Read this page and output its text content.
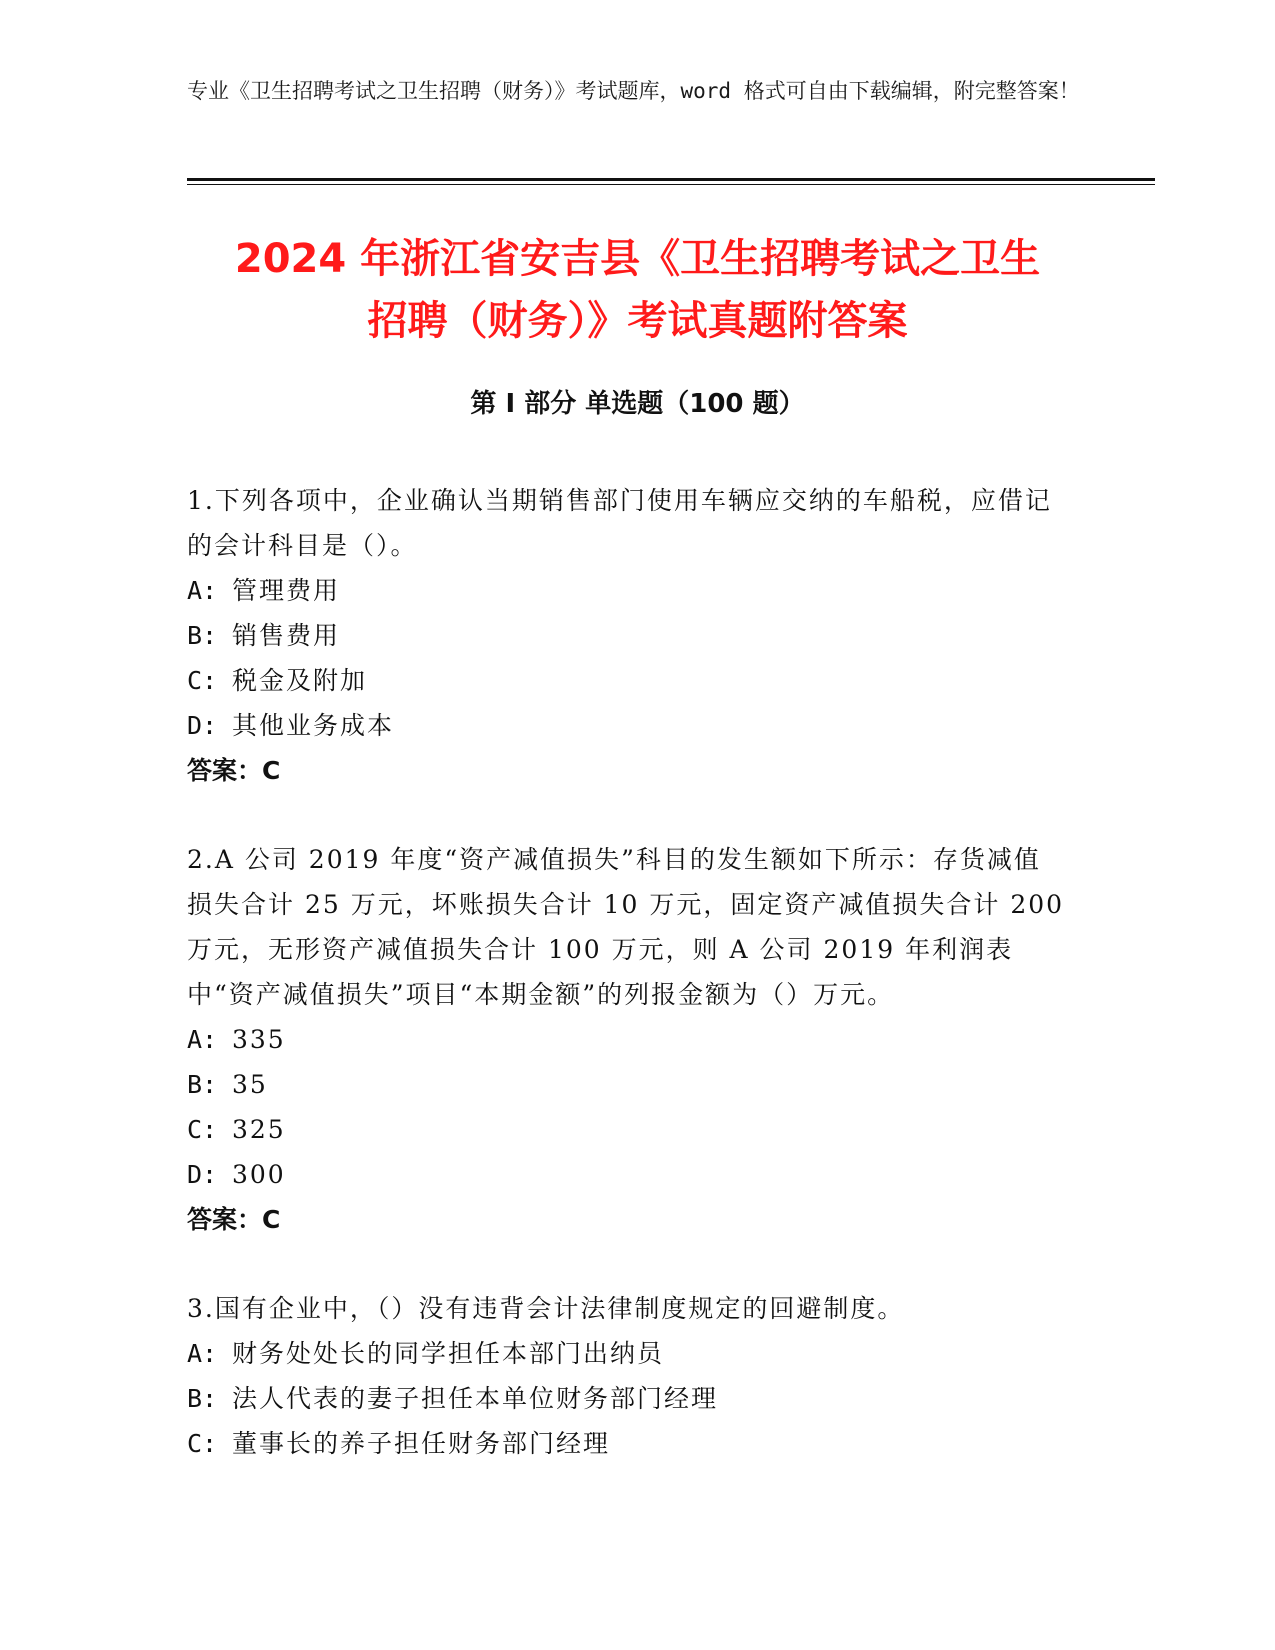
专业《卫生招聘考试之卫生招聘（财务）》考试题库，word 格式可自由下载编辑，附完整答案！
2024 年浙江省安吉县《卫生招聘考试之卫生
招聘（财务）》考试真题附答案
第 I 部分 单选题（100 题）

1.下列各项中，企业确认当期销售部门使用车辆应交纳的车船税，应借记的会计科目是（）。

A: 管理费用

B: 销售费用

C: 税金及附加

D: 其他业务成本

答案：C

2.A 公司 2019 年度“资产减值损失”科目的发生额如下所示：存货减值损失合计 25 万元，坏账损失合计 10 万元，固定资产减值损失合计 200 万元，无形资产减值损失合计 100 万元，则 A 公司 2019 年利润表中“资产减值损失”项目“本期金额”的列报金额为（）万元。

A: 335

B: 35

C: 325

D: 300

答案：C

3.国有企业中，（）没有违背会计法律制度规定的回避制度。

A: 财务处处长的同学担任本部门出纳员

B: 法人代表的妻子担任本单位财务部门经理

C: 董事长的养子担任财务部门经理
